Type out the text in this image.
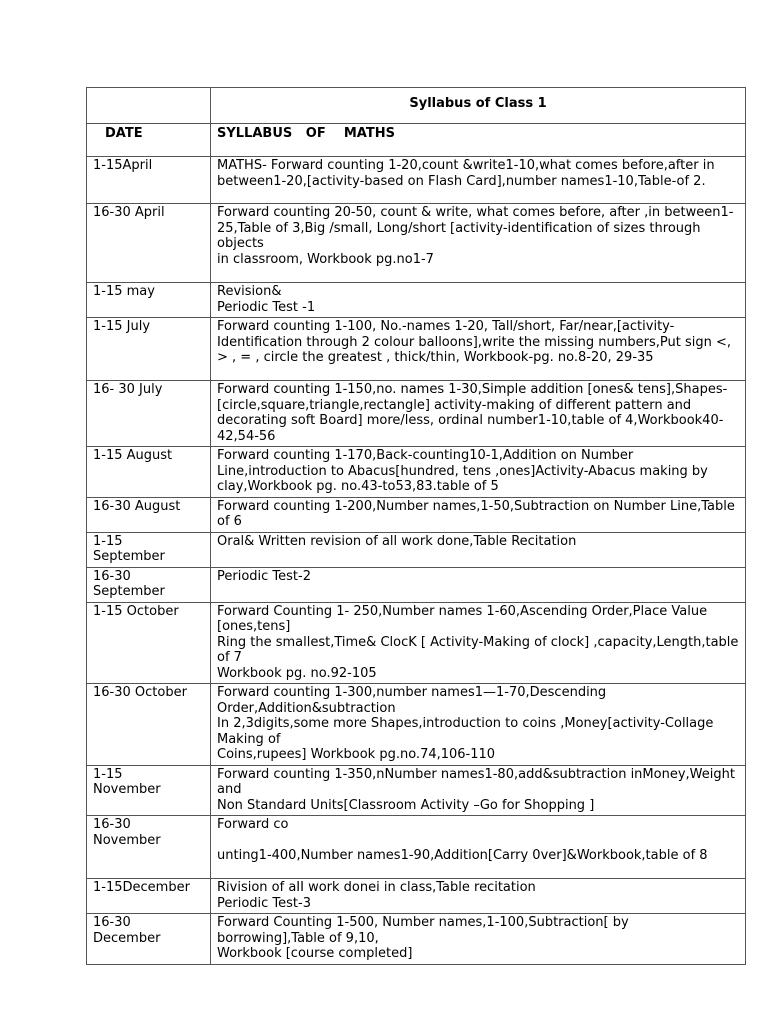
	Syllabus of Class 1
DATE	SYLLABUS   OF    MATHS
1-15April	MATHS- Forward counting 1-20,count &write1-10,what comes before,after in between1-20,[activity-based on Flash Card],number names1-10,Table-of 2.
16-30 April	Forward counting 20-50, count & write, what comes before, after ,in between1-
25,Table of 3,Big /small, Long/short [activity-identification of sizes through objects
in classroom, Workbook pg.no1-7
1-15 may	Revision&
Periodic Test -1
1-15 July	Forward counting 1-100, No.-names 1-20, Tall/short, Far/near,[activity-Identification through 2 colour balloons],write the missing numbers,Put sign <, > , = , circle the greatest , thick/thin, Workbook-pg. no.8-20, 29-35
16- 30 July	Forward counting 1-150,no. names 1-30,Simple addition [ones& tens],Shapes-[circle,square,triangle,rectangle] activity-making of different pattern and decorating soft Board] more/less, ordinal number1-10,table of 4,Workbook40-42,54-56
1-15 August	Forward counting 1-170,Back-counting10-1,Addition on Number Line,introduction to Abacus[hundred, tens ,ones]Activity-Abacus making by clay,Workbook pg. no.43-to53,83.table of 5
16-30 August	Forward counting 1-200,Number names,1-50,Subtraction on Number Line,Table of 6
1-15
September	Oral& Written revision of all work done,Table Recitation
16-30
September	Periodic Test-2
1-15 October	Forward Counting 1- 250,Number names 1-60,Ascending Order,Place Value [ones,tens]
Ring the smallest,Time& ClocK [ Activity-Making of clock] ,capacity,Length,table of 7
Workbook pg. no.92-105
16-30 October	Forward counting 1-300,number names1—1-70,Descending Order,Addition&subtraction
In 2,3digits,some more Shapes,introduction to coins ,Money[activity-Collage Making of
Coins,rupees] Workbook pg.no.74,106-110
1-15
November	Forward counting 1-350,nNumber names1-80,add&subtraction inMoney,Weight and
Non Standard Units[Classroom Activity –Go for Shopping ]
16-30
November	Forward co

unting1-400,Number names1-90,Addition[Carry 0ver]&Workbook,table of 8
1-15December	Rivision of aII work donei in class,Table recitation
Periodic Test-3
16-30
December	Forward Counting 1-500, Number names,1-100,Subtraction[ by borrowing],Table of 9,10,
Workbook [course completed]
